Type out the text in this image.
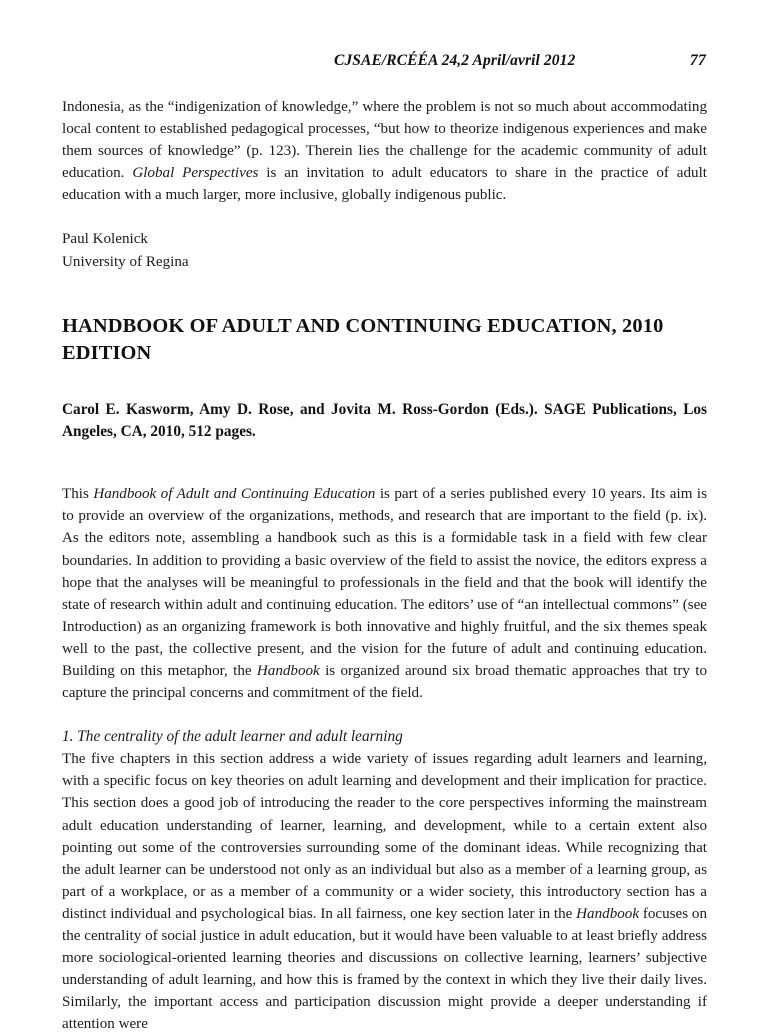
CJSAE/RCÉÉA 24,2 April/avril 2012	77

Indonesia, as the “indigenization of knowledge,” where the problem is not so much about accommodating local content to established pedagogical processes, “but how to theorize indigenous experiences and make them sources of knowledge” (p. 123). Therein lies the challenge for the academic community of adult education. Global Perspectives is an invitation to adult educators to share in the practice of adult education with a much larger, more inclusive, globally indigenous public.

Paul Kolenick

University of Regina

HANDBOOK OF ADULT AND CONTINUING EDUCATION, 2010 EDITION

Carol E. Kasworm, Amy D. Rose, and Jovita M. Ross-Gordon (Eds.). SAGE Publications, Los Angeles, CA, 2010, 512 pages.

This Handbook of Adult and Continuing Education is part of a series published every 10 years. Its aim is to provide an overview of the organizations, methods, and research that are important to the field (p. ix). As the editors note, assembling a handbook such as this is a formidable task in a field with few clear boundaries. In addition to providing a basic overview of the field to assist the novice, the editors express a hope that the analyses will be meaningful to professionals in the field and that the book will identify the state of research within adult and continuing education. The editors’ use of “an intellectual commons” (see Introduction) as an organizing framework is both innovative and highly fruitful, and the six themes speak well to the past, the collective present, and the vision for the future of adult and continuing education. Building on this metaphor, the Handbook is organized around six broad thematic approaches that try to capture the principal concerns and commitment of the field.

1. The centrality of the adult learner and adult learning

The five chapters in this section address a wide variety of issues regarding adult learners and learning, with a specific focus on key theories on adult learning and development and their implication for practice. This section does a good job of introducing the reader to the core perspectives informing the mainstream adult education understanding of learner, learning, and development, while to a certain extent also pointing out some of the controversies surrounding some of the dominant ideas. While recognizing that the adult learner can be understood not only as an individual but also as a member of a learning group, as part of a workplace, or as a member of a community or a wider society, this introductory section has a distinct individual and psychological bias. In all fairness, one key section later in the Handbook focuses on the centrality of social justice in adult education, but it would have been valuable to at least briefly address more sociological-oriented learning theories and discussions on collective learning, learners’ subjective understanding of adult learning, and how this is framed by the context in which they live their daily lives. Similarly, the important access and participation discussion might provide a deeper understanding if attention were
